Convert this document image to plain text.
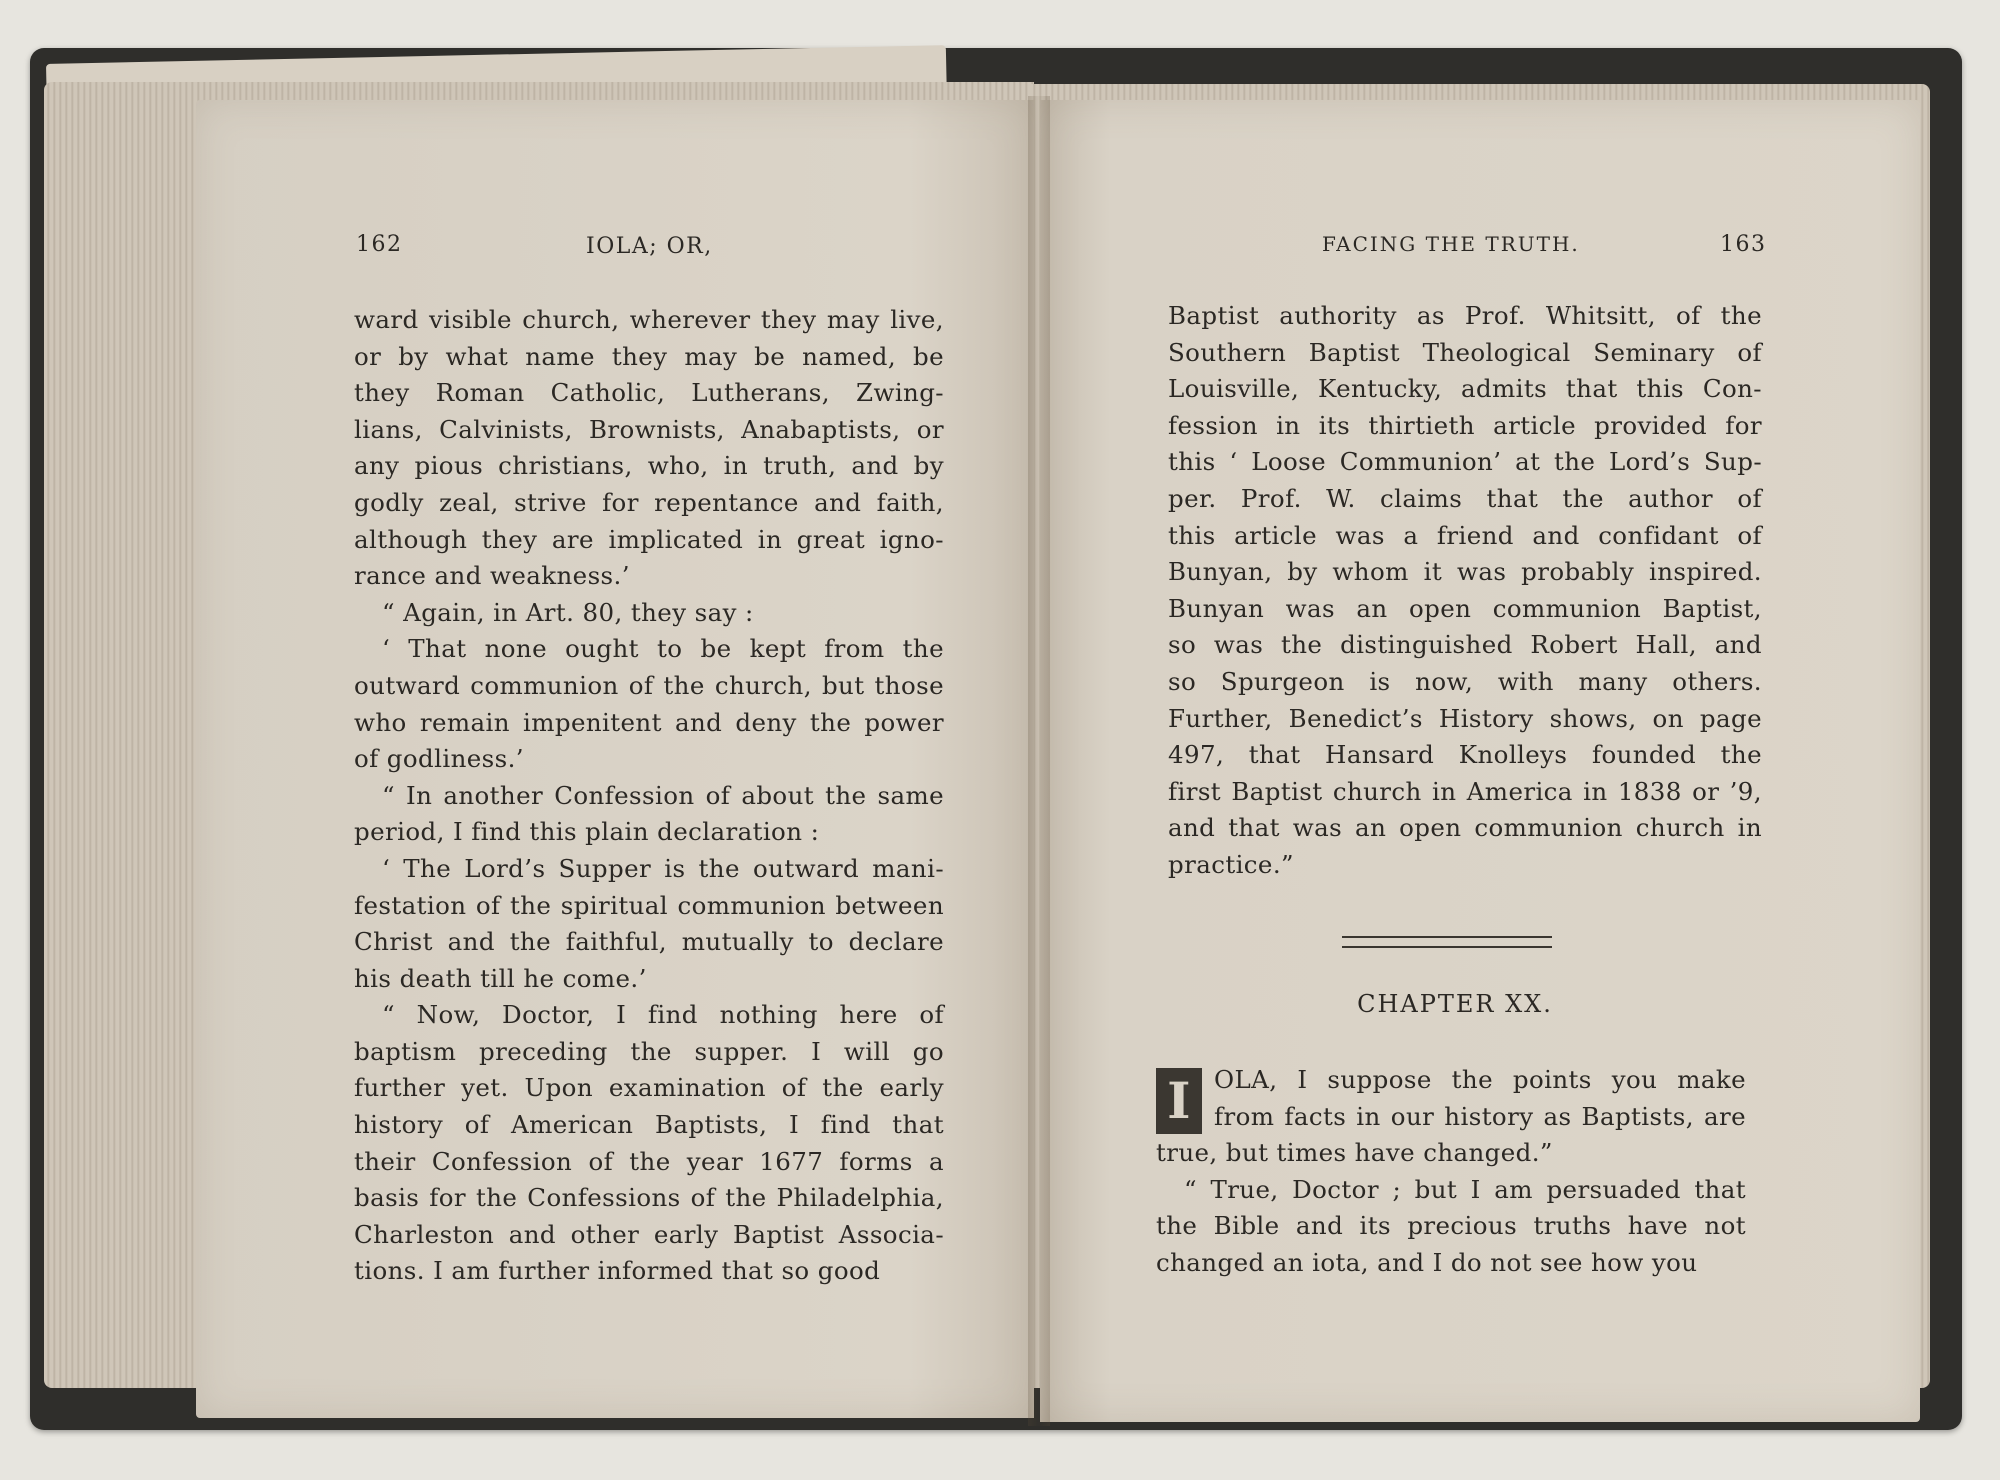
162	IOLA; OR,

ward visible church, wherever they may live,

or by what name they may be named, be

they Roman Catholic, Lutherans, Zwing-

lians, Calvinists, Brownists, Anabaptists, or

any pious christians, who, in truth, and by

godly zeal, strive for repentance and faith,

although they are implicated in great igno-

rance and weakness.’

“ Again, in Art. 80, they say :

‘ That none ought to be kept from the

outward communion of the church, but those

who remain impenitent and deny the power

of godliness.’

“ In another Confession of about the same

period, I find this plain declaration :

‘ The Lord’s Supper is the outward mani-

festation of the spiritual communion between

Christ and the faithful, mutually to declare

his death till he come.’

“ Now, Doctor, I find nothing here of

baptism preceding the supper. I will go

further yet. Upon examination of the early

history of American Baptists, I find that

their Confession of the year 1677 forms a

basis for the Confessions of the Philadelphia,

Charleston and other early Baptist Associa-

tions. I am further informed that so good

FACING THE TRUTH.	163

Baptist authority as Prof. Whitsitt, of the

Southern Baptist Theological Seminary of

Louisville, Kentucky, admits that this Con-

fession in its thirtieth article provided for

this ‘ Loose Communion’ at the Lord’s Sup-

per. Prof. W. claims that the author of

this article was a friend and confidant of

Bunyan, by whom it was probably inspired.

Bunyan was an open communion Baptist,

so was the distinguished Robert Hall, and

so Spurgeon is now, with many others.

Further, Benedict’s History shows, on page

497, that Hansard Knolleys founded the

first Baptist church in America in 1838 or ’9,

and that was an open communion church in

practice.”

CHAPTER XX.
I OLA, I suppose the points you make

from facts in our history as Baptists, are

true, but times have changed.”

“ True, Doctor ; but I am persuaded that

the Bible and its precious truths have not

changed an iota, and I do not see how you
